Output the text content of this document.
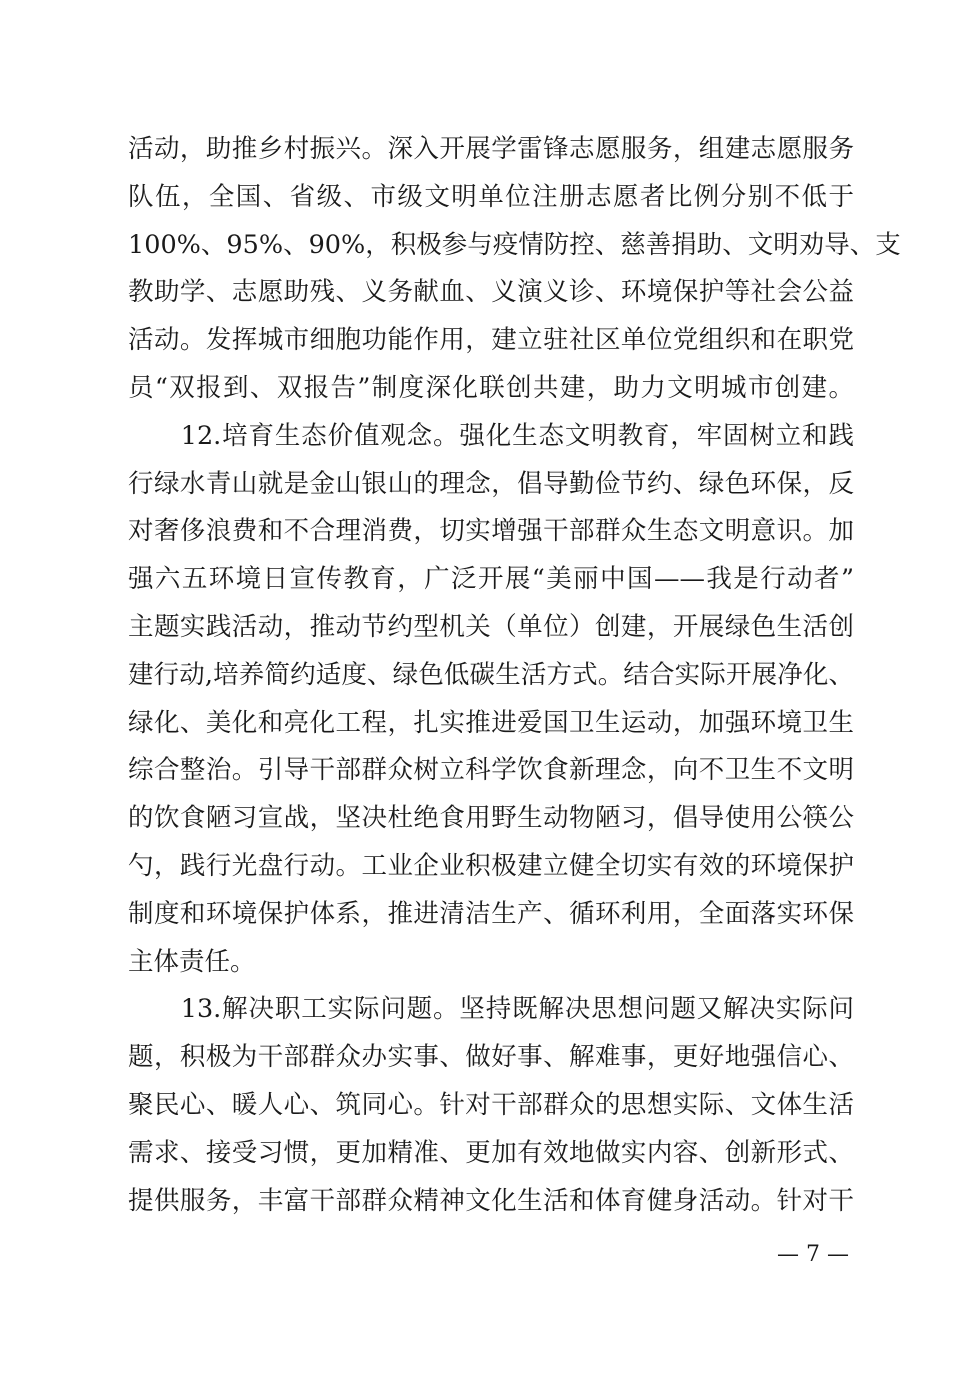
活动，助推乡村振兴。深入开展学雷锋志愿服务，组建志愿服务
队伍，全国、省级、市级文明单位注册志愿者比例分别不低于
100%、95%、90%，积极参与疫情防控、慈善捐助、文明劝导、支
教助学、志愿助残、义务献血、义演义诊、环境保护等社会公益
活动。发挥城市细胞功能作用，建立驻社区单位党组织和在职党
员“双报到、双报告”制度深化联创共建，助力文明城市创建。
　　12.培育生态价值观念。强化生态文明教育，牢固树立和践
行绿水青山就是金山银山的理念，倡导勤俭节约、绿色环保，反
对奢侈浪费和不合理消费，切实增强干部群众生态文明意识。加
强六五环境日宣传教育，广泛开展“美丽中国——我是行动者”
主题实践活动，推动节约型机关（单位）创建，开展绿色生活创
建行动,培养简约适度、绿色低碳生活方式。结合实际开展净化、
绿化、美化和亮化工程，扎实推进爱国卫生运动，加强环境卫生
综合整治。引导干部群众树立科学饮食新理念，向不卫生不文明
的饮食陋习宣战，坚决杜绝食用野生动物陋习，倡导使用公筷公
勺，践行光盘行动。工业企业积极建立健全切实有效的环境保护
制度和环境保护体系，推进清洁生产、循环利用，全面落实环保
主体责任。
　　13.解决职工实际问题。坚持既解决思想问题又解决实际问
题，积极为干部群众办实事、做好事、解难事，更好地强信心、
聚民心、暖人心、筑同心。针对干部群众的思想实际、文体生活
需求、接受习惯，更加精准、更加有效地做实内容、创新形式、
提供服务，丰富干部群众精神文化生活和体育健身活动。针对干
— 7 —
